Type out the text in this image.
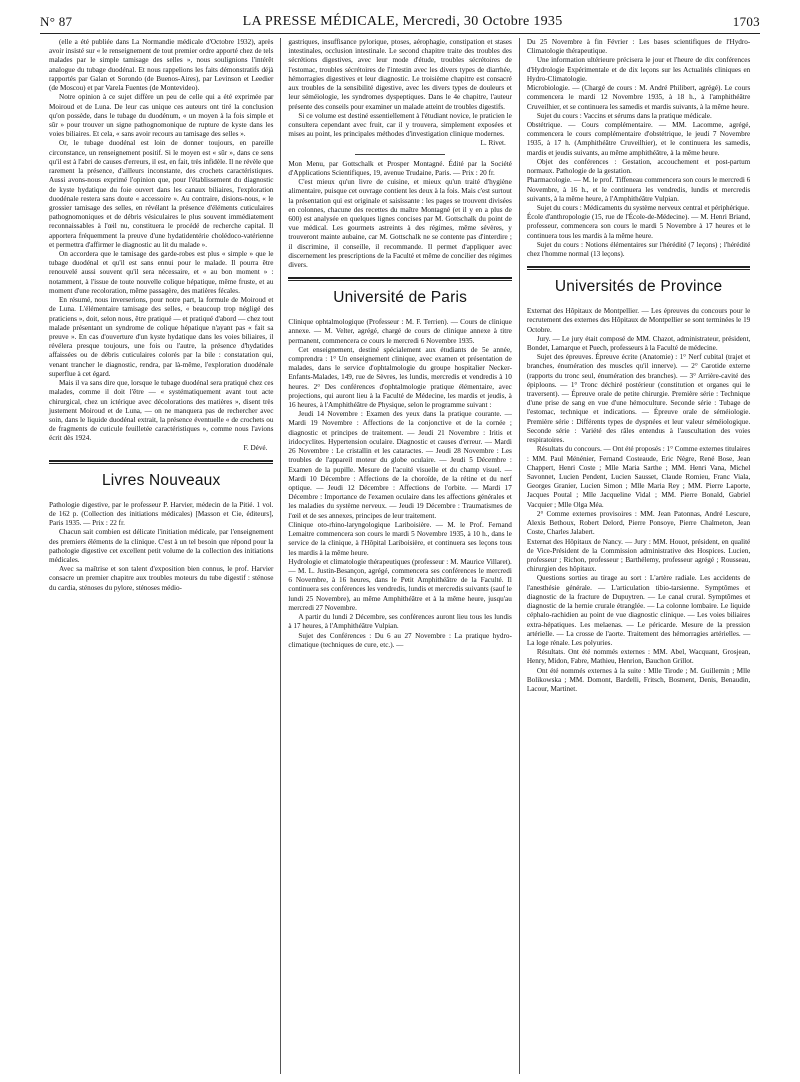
N° 87	LA PRESSE MÉDICALE, Mercredi, 30 Octobre 1935	1703

(elle a été publiée dans La Normandie médicale d'Octobre 1932), après avoir insisté sur « le renseignement de tout premier ordre apporté chez de tels malades par le simple tamisage des selles », nous soulignions l'intérêt analogue du tubage duodénal. Et nous rappelions les faits démonstratifs déjà rapportés par Galan et Sorondo (de Buenos-Aires), par Levinson et Leedier (de Moscou) et par Varela Fuentes (de Montevideo).

Notre opinion à ce sujet diffère un peu de celle qui a été exprimée par Moiroud et de Luna. De leur cas unique ces auteurs ont tiré la conclusion qu'on possède, dans le tubage du duodénum, « un moyen à la fois simple et sûr » pour trouver un signe pathognomonique de rupture de kyste dans les voies biliaires. Et cela, « sans avoir recours au tamisage des selles ».

Or, le tubage duodénal est loin de donner toujours, en pareille circonstance, un renseignement positif. Si le moyen est « sûr », dans ce sens qu'il est à l'abri de causes d'erreurs, il est, en fait, très infidèle. Il ne révèle que rarement la présence, d'ailleurs inconstante, des crochets caractéristiques. Aussi avons-nous exprimé l'opinion que, pour l'établissement du diagnostic de kyste hydatique du foie ouvert dans les canaux biliaires, l'exploration duodénale restera sans doute « accessoire ». Au contraire, disions-nous, « le grossier tamisage des selles, en révélant la présence d'éléments cuticulaires pathognomoniques et de débris vésiculaires le plus souvent immédiatement reconnaissables à l'œil nu, constituera le procédé de recherche capital. Il apportera fréquemment la preuve d'une hydatidentérie cholédoco-vatérienne et permettra d'affirmer le diagnostic au lit du malade ».

On accordera que le tamisage des garde-robes est plus « simple » que le tubage duodénal et qu'il est sans ennui pour le malade. Il pourra être renouvelé aussi souvent qu'il sera nécessaire, et « au bon moment » : notamment, à l'issue de toute nouvelle colique hépatique, même fruste, et au moment d'une recoloration, même passagère, des matières fécales.

En résumé, nous inverserions, pour notre part, la formule de Moiroud et de Luna. L'élémentaire tamisage des selles, « beaucoup trop négligé des praticiens », doit, selon nous, être pratiqué — et pratiqué d'abord — chez tout malade présentant un syndrome de colique hépatique n'ayant pas « fait sa preuve ». En cas d'ouverture d'un kyste hydatique dans les voies biliaires, il révélera presque toujours, une fois ou l'autre, la présence d'hydatides affaissées ou de débris cuticulaires colorés par la bile : constatation qui, venant trancher le diagnostic, rendra, par là-même, l'exploration duodénale superflue à cet égard.

Mais il va sans dire que, lorsque le tubage duodénal sera pratiqué chez ces malades, comme il doit l'être — « systématiquement avant tout acte chirurgical, chez un ictérique avec décolorations des matières », disent très justement Moiroud et de Luna, — on ne manquera pas de rechercher avec soin, dans le liquide duodénal extrait, la présence éventuelle « de crochets ou de fragments de cuticule feuilletée caractéristiques », comme nous l'avions écrit dès 1924.

F. Dévé.

Livres Nouveaux

Pathologie digestive, par le professeur P. Harvier, médecin de la Pitié. 1 vol. de 162 p. (Collection des initiations médicales) [Masson et Cie, éditeurs], Paris 1935. — Prix : 22 fr.

Chacun sait combien est délicate l'initiation médicale, par l'enseignement des premiers éléments de la clinique. C'est à un tel besoin que répond pour la pathologie digestive cet excellent petit volume de la collection des initiations médicales.

Avec sa maîtrise et son talent d'exposition bien connus, le prof. Harvier consacre un premier chapitre aux troubles moteurs du tube digestif : sténose du cardia, sténoses du pylore, sténoses médio-

gastriques, insuffisance pylorique, ptoses, aérophagie, constipation et stases intestinales, occlusion intestinale. Le second chapitre traite des troubles des sécrétions digestives, avec leur mode d'étude, troubles sécrétoires de l'estomac, troubles sécrétoires de l'intestin avec les divers types de diarrhée, hémorragies digestives et leur diagnostic. Le troisième chapitre est consacré aux troubles de la sensibilité digestive, avec les divers types de douleurs et leur séméiologie, les syndromes dyspeptiques. Dans le 4e chapitre, l'auteur présente des conseils pour examiner un malade atteint de troubles digestifs.

Si ce volume est destiné essentiellement à l'étudiant novice, le praticien le consultera cependant avec fruit, car il y trouvera, simplement exposées et mises au point, les principales méthodes d'investigation clinique modernes.

L. Rivet.

Mon Menu, par Gottschalk et Prosper Montagné. Édité par la Société d'Applications Scientifiques, 19, avenue Trudaine, Paris. — Prix : 20 fr.

C'est mieux qu'un livre de cuisine, et mieux qu'un traité d'hygiène alimentaire, puisque cet ouvrage contient les deux à la fois. Mais c'est surtout la présentation qui est originale et saisissante : les pages se trouvent divisées en colonnes, chacune des recettes du maître Montagné (et il y en a plus de 600) est analysée en quelques lignes concises par M. Gottschalk du point de vue médical. Les gourmets astreints à des régimes, même sévères, y trouveront mainte aubaine, car M. Gottschalk ne se contente pas d'interdire ; il discrimine, il conseille, il recommande. Il permet d'appliquer avec discernement les prescriptions de la Faculté et même de concilier des régimes divers.

Université de Paris

Clinique ophtalmologique (Professeur : M. F. Terrien). — Cours de clinique annexe. — M. Velter, agrégé, chargé de cours de clinique annexe à titre permanent, commencera ce cours le mercredi 6 Novembre 1935.

Cet enseignement, destiné spécialement aux étudiants de 5e année, comprendra : 1° Un enseignement clinique, avec examen et présentation de malades, dans le service d'ophtalmologie du groupe hospitalier Necker-Enfants-Malades, 149, rue de Sèvres, les lundis, mercredis et vendredis à 10 heures. 2° Des conférences d'ophtalmologie pratique élémentaire, avec projections, qui auront lieu à la Faculté de Médecine, les mardis et jeudis, à 16 heures, à l'Amphithéâtre de Physique, selon le programme suivant :

Jeudi 14 Novembre : Examen des yeux dans la pratique courante. — Mardi 19 Novembre : Affections de la conjonctive et de la cornée ; diagnostic et principes de traitement. — Jeudi 21 Novembre : Iritis et iridocyclites. Hypertension oculaire. Diagnostic et causes d'erreur. — Mardi 26 Novembre : Le cristallin et les cataractes. — Jeudi 28 Novembre : Les troubles de l'appareil moteur du globe oculaire. — Jeudi 5 Décembre : Examen de la pupille. Mesure de l'acuité visuelle et du champ visuel. — Mardi 10 Décembre : Affections de la choroïde, de la rétine et du nerf optique. — Jeudi 12 Décembre : Affections de l'orbite. — Mardi 17 Décembre : Importance de l'examen oculaire dans les affections générales et les maladies du système nerveux. — Jeudi 19 Décembre : Traumatismes de l'œil et de ses annexes, principes de leur traitement.

Clinique oto-rhino-laryngologique Lariboisière. — M. le Prof. Fernand Lemaitre commencera son cours le mardi 5 Novembre 1935, à 10 h., dans le service de la clinique, à l'Hôpital Lariboisière, et continuera ses leçons tous les mardis à la même heure.

Hydrologie et climatologie thérapeutiques (professeur : M. Maurice Villaret). — M. L. Justin-Besançon, agrégé, commencera ses conférences le mercredi 6 Novembre, à 16 heures, dans le Petit Amphithéâtre de la Faculté. Il continuera ses conférences les vendredis, lundis et mercredis suivants (sauf le lundi 25 Novembre), au même Amphithéâtre et à la même heure, jusqu'au mercredi 27 Novembre.

A partir du lundi 2 Décembre, ses conférences auront lieu tous les lundis à 17 heures, à l'Amphithéâtre Vulpian.

Sujet des Conférences : Du 6 au 27 Novembre : La pratique hydro-climatique (techniques de cure, etc.). —

Du 25 Novembre à fin Février : Les bases scientifiques de l'Hydro-Climatologie thérapeutique.

Une information ultérieure précisera le jour et l'heure de dix conférences d'Hydrologie Expérimentale et de dix leçons sur les Actualités cliniques en Hydro-Climatologie.

Microbiologie. — (Chargé de cours : M. André Philibert, agrégé). Le cours commencera le mardi 12 Novembre 1935, à 18 h., à l'amphithéâtre Cruveilhier, et se continuera les samedis et mardis suivants, à la même heure.

Sujet du cours : Vaccins et sérums dans la pratique médicale.

Obstétrique. — Cours complémentaire. — MM. Lacomme, agrégé, commencera le cours complémentaire d'obstétrique, le jeudi 7 Novembre 1935, à 17 h. (Amphithéâtre Cruveilhier), et le continuera les samedis, mardis et jeudis suivants, au même amphithéâtre, à la même heure.

Objet des conférences : Gestation, accouchement et post-partum normaux. Pathologie de la gestation.

Pharmacologie. — M. le prof. Tiffeneau commencera son cours le mercredi 6 Novembre, à 16 h., et le continuera les vendredis, lundis et mercredis suivants, à la même heure, à l'Amphithéâtre Vulpian.

Sujet du cours : Médicaments du système nerveux central et périphérique.

École d'anthropologie (15, rue de l'École-de-Médecine). — M. Henri Briand, professeur, commencera son cours le mardi 5 Novembre à 17 heures et le continuera tous les mardis à la même heure.

Sujet du cours : Notions élémentaires sur l'hérédité (7 leçons) ; l'hérédité chez l'homme normal (13 leçons).

Universités de Province

Externat des Hôpitaux de Montpellier. — Les épreuves du concours pour le recrutement des externes des Hôpitaux de Montpellier se sont terminées le 19 Octobre.

Jury. — Le jury était composé de MM. Chazot, administrateur, président, Bondet, Lamarque et Puech, professeurs à la Faculté de médecine.

Sujet des épreuves. Épreuve écrite (Anatomie) : 1° Nerf cubital (trajet et branches, énumération des muscles qu'il innerve). — 2° Carotide externe (rapports du tronc seul, énumération des branches). — 3° Arrière-cavité des épiploons. — 1° Tronc déchiré postérieur (constitution et organes qui le traversent). — Épreuve orale de petite chirurgie. Première série : Technique d'une prise de sang en vue d'une hémoculture. Seconde série : Tubage de l'estomac, technique et indications. — Épreuve orale de séméiologie. Première série : Différents types de dyspnées et leur valeur séméiologique. Seconde série : Variété des râles entendus à l'auscultation des voies respiratoires.

Résultats du concours. — Ont été proposés : 1° Comme externes titulaires : MM. Paul Ménénier, Fernand Costeaude, Eric Nègre, René Bose, Jean Chappert, Henri Coste ; Mlle Maria Sarthe ; MM. Henri Vana, Michel Savonnet, Lucien Pendent, Lucien Sausset, Claude Romieu, Franc Viala, Georges Granier, Lucien Simon ; Mlle Maria Rey ; MM. Pierre Laporte, Jacques Poutal ; Mlle Jacqueline Vidal ; MM. Pierre Bonald, Gabriel Vacquier ; Mlle Olga Méa.

2° Comme externes provisoires : MM. Jean Patonnas, André Lescure, Alexis Bethoux, Robert Delord, Pierre Ponsoye, Pierre Chalmeton, Jean Coste, Charles Jalabert.

Externat des Hôpitaux de Nancy. — Jury : MM. Houot, président, en qualité de Vice-Président de la Commission administrative des Hospices. Lucien, professeur ; Richon, professeur ; Barthélemy, professeur agrégé ; Rousseau, chirurgien des hôpitaux.

Questions sorties au tirage au sort : L'artère radiale. Les accidents de l'anesthésie générale. — L'articulation tibio-tarsienne. Symptômes et diagnostic de la fracture de Dupuytren. — Le canal crural. Symptômes et diagnostic de la hernie crurale étranglée. — La colonne lombaire. Le liquide céphalo-rachidien au point de vue diagnostic clinique. — Les voies biliaires extra-hépatiques. Les melaenas. — Le péricarde. Mesure de la pression artérielle. — La crosse de l'aorte. Traitement des hémorragies artérielles. — La loge rénale. Les polyuries.

Résultats. Ont été nommés externes : MM. Abel, Wacquant, Grosjean, Henry, Midon, Fabre, Mathieu, Henrion, Bauchon Grillot.

Ont été nommés externes à la suite : Mlle Tirode ; M. Guillemin ; Mlle Bolikowska ; MM. Domont, Bardelli, Fritsch, Bosment, Denis, Benaudin, Lacour, Martinet.
